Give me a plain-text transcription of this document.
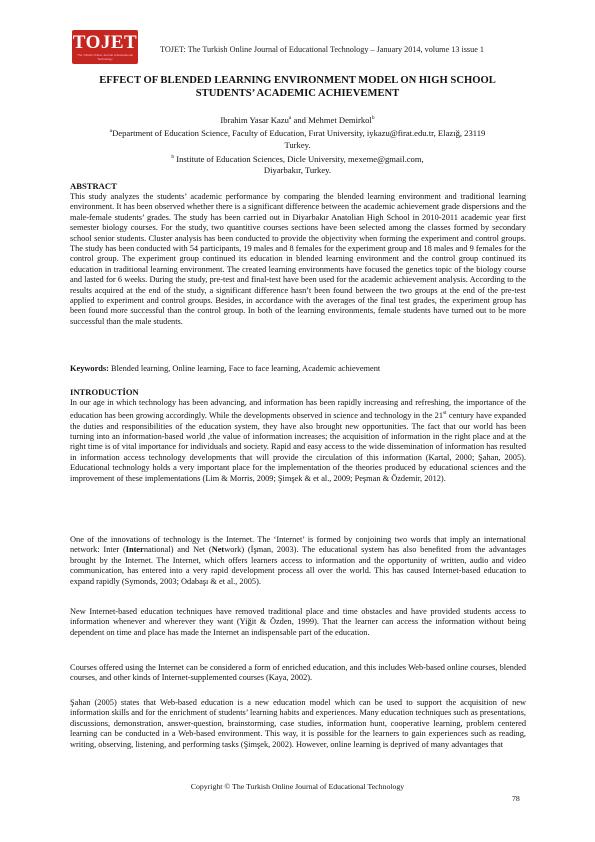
TOJET
The Turkish Online Journal of Educational Technology
TOJET: The Turkish Online Journal of Educational Technology – January 2014, volume 13 issue 1
EFFECT OF BLENDED LEARNING ENVIRONMENT MODEL ON HIGH SCHOOL
STUDENTS’ ACADEMIC ACHIEVEMENT

Ibrahim Yasar Kazu$^a$ and Mehmet Demirkol$^b$

$^a$Department of Education Science, Faculty of Education, Fırat University, iykazu@firat.edu.tr, Elazığ, 23119

Turkey.

$^b$ Institute of Education Sciences, Dicle University, mexeme@gmail.com,

Diyarbakır, Turkey.

ABSTRACT

This study analyzes the students’ academic performance by comparing the blended learning environment and traditional learning environment. It has been observed whether there is a significant difference between the academic achievement grade dispersions and the male-female students’ grades. The study has been carried out in Diyarbakır Anatolian High School in 2010-2011 academic year first semester biology courses. For the study, two quantitive courses sections have been selected among the classes formed by secondary school senior students. Cluster analysis has been conducted to provide the objectivity when forming the experiment and control groups. The study has been conducted with 54 participants, 19 males and 8 females for the experiment group and 18 males and 9 females for the control group. The experiment group continued its education in blended learning environment and the control group continued its education in traditional learning environment. The created learning environments have focused the genetics topic of the biology course and lasted for 6 weeks. During the study, pre-test and final-test have been used for the academic achievement analysis. According to the results acquired at the end of the study, a significant difference hasn’t been found between the two groups at the end of the pre-test applied to experiment and control groups. Besides, in accordance with the averages of the final test grades, the experiment group has been found more successful than the control group. In both of the learning environments, female students have turned out to be more successful than the male students.

Keywords: Blended learning, Online learning, Face to face learning, Academic achievement

INTRODUCTİON

In our age in which technology has been advancing, and information has been rapidly increasing and refreshing, the importance of the education has been growing accordingly. While the developments observed in science and technology in the 21st century have expanded the duties and responsibilities of the education system, they have also brought new opportunities. The fact that our world has been turning into an information-based world ,the value of information increases; the acquisition of information in the right place and at the right time is of vital importance for individuals and society. Rapid and easy access to the wide dissemination of information has resulted in information access technology developments that will provide the circulation of this information (Kartal, 2000; Şahan, 2005). Educational technology holds a very important place for the implementation of the theories produced by educational sciences and the improvement of these implementations (Lim & Morris, 2009; Şimşek & et al., 2009; Peşman & Özdemir, 2012).

One of the innovations of technology is the Internet. The ‘Internet’ is formed by conjoining two words that imply an international network: Inter (International) and Net (Network) (İşman, 2003). The educational system has also benefited from the advantages brought by the Internet. The Internet, which offers learners access to information and the opportunity of written, audio and video communication, has entered into a very rapid development process all over the world. This has caused Internet-based education to expand rapidly (Symonds, 2003; Odabaşı & et al., 2005).

New Internet-based education techniques have removed traditional place and time obstacles and have provided students access to information whenever and wherever they want (Yiğit & Özden, 1999). That the learner can access the information without being dependent on time and place has made the Internet an indispensable part of the education.

Courses offered using the Internet can be considered a form of enriched education, and this includes Web-based online courses, blended courses, and other kinds of Internet-supplemented courses (Kaya, 2002).

Şahan (2005) states that Web-based education is a new education model which can be used to support the acquisition of new information skills and for the enrichment of students’ learning habits and experiences. Many education techniques such as presentations, discussions, demonstration, answer-question, brainstorming, case studies, information hunt, cooperative learning, problem centered learning can be conducted in a Web-based environment. This way, it is possible for the learners to gain experiences such as reading, writing, observing, listening, and performing tasks (Şimşek, 2002). However, online learning is deprived of many advantages that

Copyright © The Turkish Online Journal of Educational Technology
78
